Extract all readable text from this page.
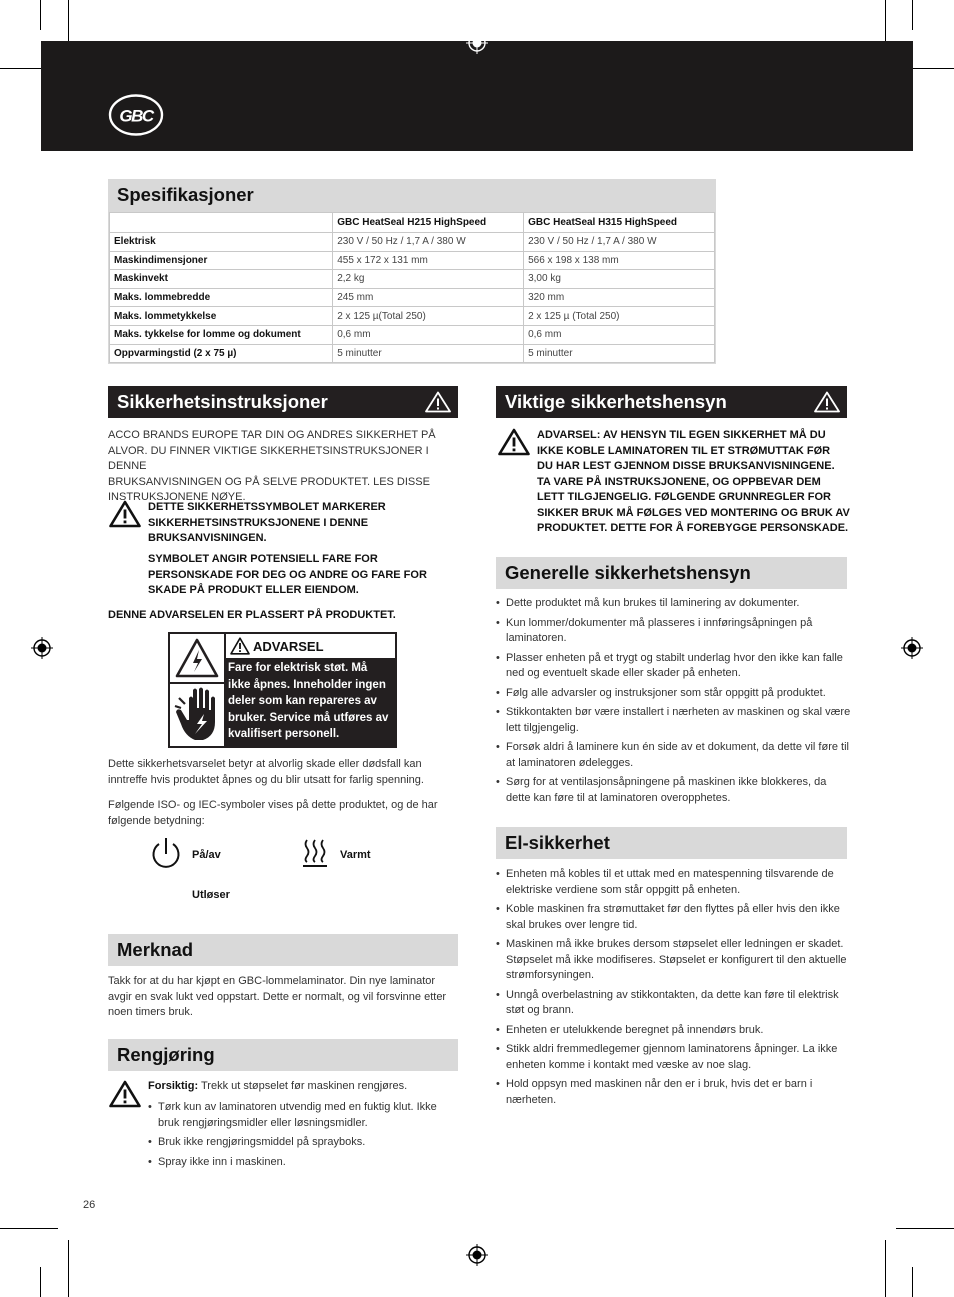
GBC
Spesifikasjoner
	GBC HeatSeal H215 HighSpeed	GBC HeatSeal H315 HighSpeed
Elektrisk	230 V / 50 Hz / 1,7 A / 380 W	230 V / 50 Hz / 1,7 A / 380 W
Maskindimensjoner	455 x 172 x 131 mm	566 x 198 x 138 mm
Maskinvekt	2,2 kg	3,00 kg
Maks. lommebredde	245 mm	320 mm
Maks. lommetykkelse	2 x 125 µ(Total 250)	2 x 125 µ (Total 250)
Maks. tykkelse for lomme og dokument	0,6 mm	0,6 mm
Oppvarmingstid (2 x 75 µ)	5 minutter	5 minutter
Sikkerhetsinstruksjoner
ACCO BRANDS EUROPE TAR DIN OG ANDRES SIKKERHET PÅ
ALVOR. DU FINNER VIKTIGE SIKKERHETSINSTRUKSJONER I DENNE
BRUKSANVISNINGEN OG PÅ SELVE PRODUKTET. LES DISSE
INSTRUKSJONENE NØYE.
DETTE SIKKERHETSSYMBOLET MARKERER
SIKKERHETSINSTRUKSJONENE I DENNE
BRUKSANVISNINGEN.
SYMBOLET ANGIR POTENSIELL FARE FOR
PERSONSKADE FOR DEG OG ANDRE OG FARE FOR
SKADE PÅ PRODUKT ELLER EIENDOM.
DENNE ADVARSELEN ER PLASSERT PÅ PRODUKTET.
ADVARSEL
Fare for elektrisk støt. Må
ikke åpnes. Inneholder ingen
deler som kan repareres av
bruker. Service må utføres av
kvalifisert personell.
Dette sikkerhetsvarselet betyr at alvorlig skade eller dødsfall kan
inntreffe hvis produktet åpnes og du blir utsatt for farlig spenning.
Følgende ISO- og IEC-symboler vises på dette produktet, og de har
følgende betydning:
På/av	Varmt
Utløser
Merknad
Takk for at du har kjøpt en GBC-lommelaminator. Din nye laminator
avgir en svak lukt ved oppstart. Dette er normalt, og vil forsvinne etter
noen timers bruk.
Rengjøring
Forsiktig: Trekk ut støpselet før maskinen rengjøres.
• Tørk kun av laminatoren utvendig med en fuktig klut. Ikke
bruk rengjøringsmidler eller løsningsmidler.
• Bruk ikke rengjøringsmiddel på sprayboks.
• Spray ikke inn i maskinen.
Viktige sikkerhetshensyn
ADVARSEL: AV HENSYN TIL EGEN SIKKERHET MÅ DU
IKKE KOBLE LAMINATOREN TIL ET STRØMUTTAK FØR
DU HAR LEST GJENNOM DISSE BRUKSANVISNINGENE.
TA VARE PÅ INSTRUKSJONENE, OG OPPBEVAR DEM
LETT TILGJENGELIG. FØLGENDE GRUNNREGLER FOR
SIKKER BRUK MÅ FØLGES VED MONTERING OG BRUK AV
PRODUKTET. DETTE FOR Å FOREBYGGE PERSONSKADE.
Generelle sikkerhetshensyn
• Dette produktet må kun brukes til laminering av dokumenter.
• Kun lommer/dokumenter må plasseres i innføringsåpningen på
laminatoren.
• Plasser enheten på et trygt og stabilt underlag hvor den ikke kan falle
ned og eventuelt skade eller skader på enheten.
• Følg alle advarsler og instruksjoner som står oppgitt på produktet.
• Stikkontakten bør være installert i nærheten av maskinen og skal være
lett tilgjengelig.
• Forsøk aldri å laminere kun én side av et dokument, da dette vil føre til
at laminatoren ødelegges.
• Sørg for at ventilasjonsåpningene på maskinen ikke blokkeres, da
dette kan føre til at laminatoren overopphetes.
El-sikkerhet
• Enheten må kobles til et uttak med en matespenning tilsvarende de
elektriske verdiene som står oppgitt på enheten.
• Koble maskinen fra strømuttaket før den flyttes på eller hvis den ikke
skal brukes over lengre tid.
• Maskinen må ikke brukes dersom støpselet eller ledningen er skadet.
Støpselet må ikke modifiseres. Støpselet er konfigurert til den aktuelle
strømforsyningen.
• Unngå overbelastning av stikkontakten, da dette kan føre til elektrisk
støt og brann.
• Enheten er utelukkende beregnet på innendørs bruk.
• Stikk aldri fremmedlegemer gjennom laminatorens åpninger. La ikke
enheten komme i kontakt med væske av noe slag.
• Hold oppsyn med maskinen når den er i bruk, hvis det er barn i
nærheten.
26
